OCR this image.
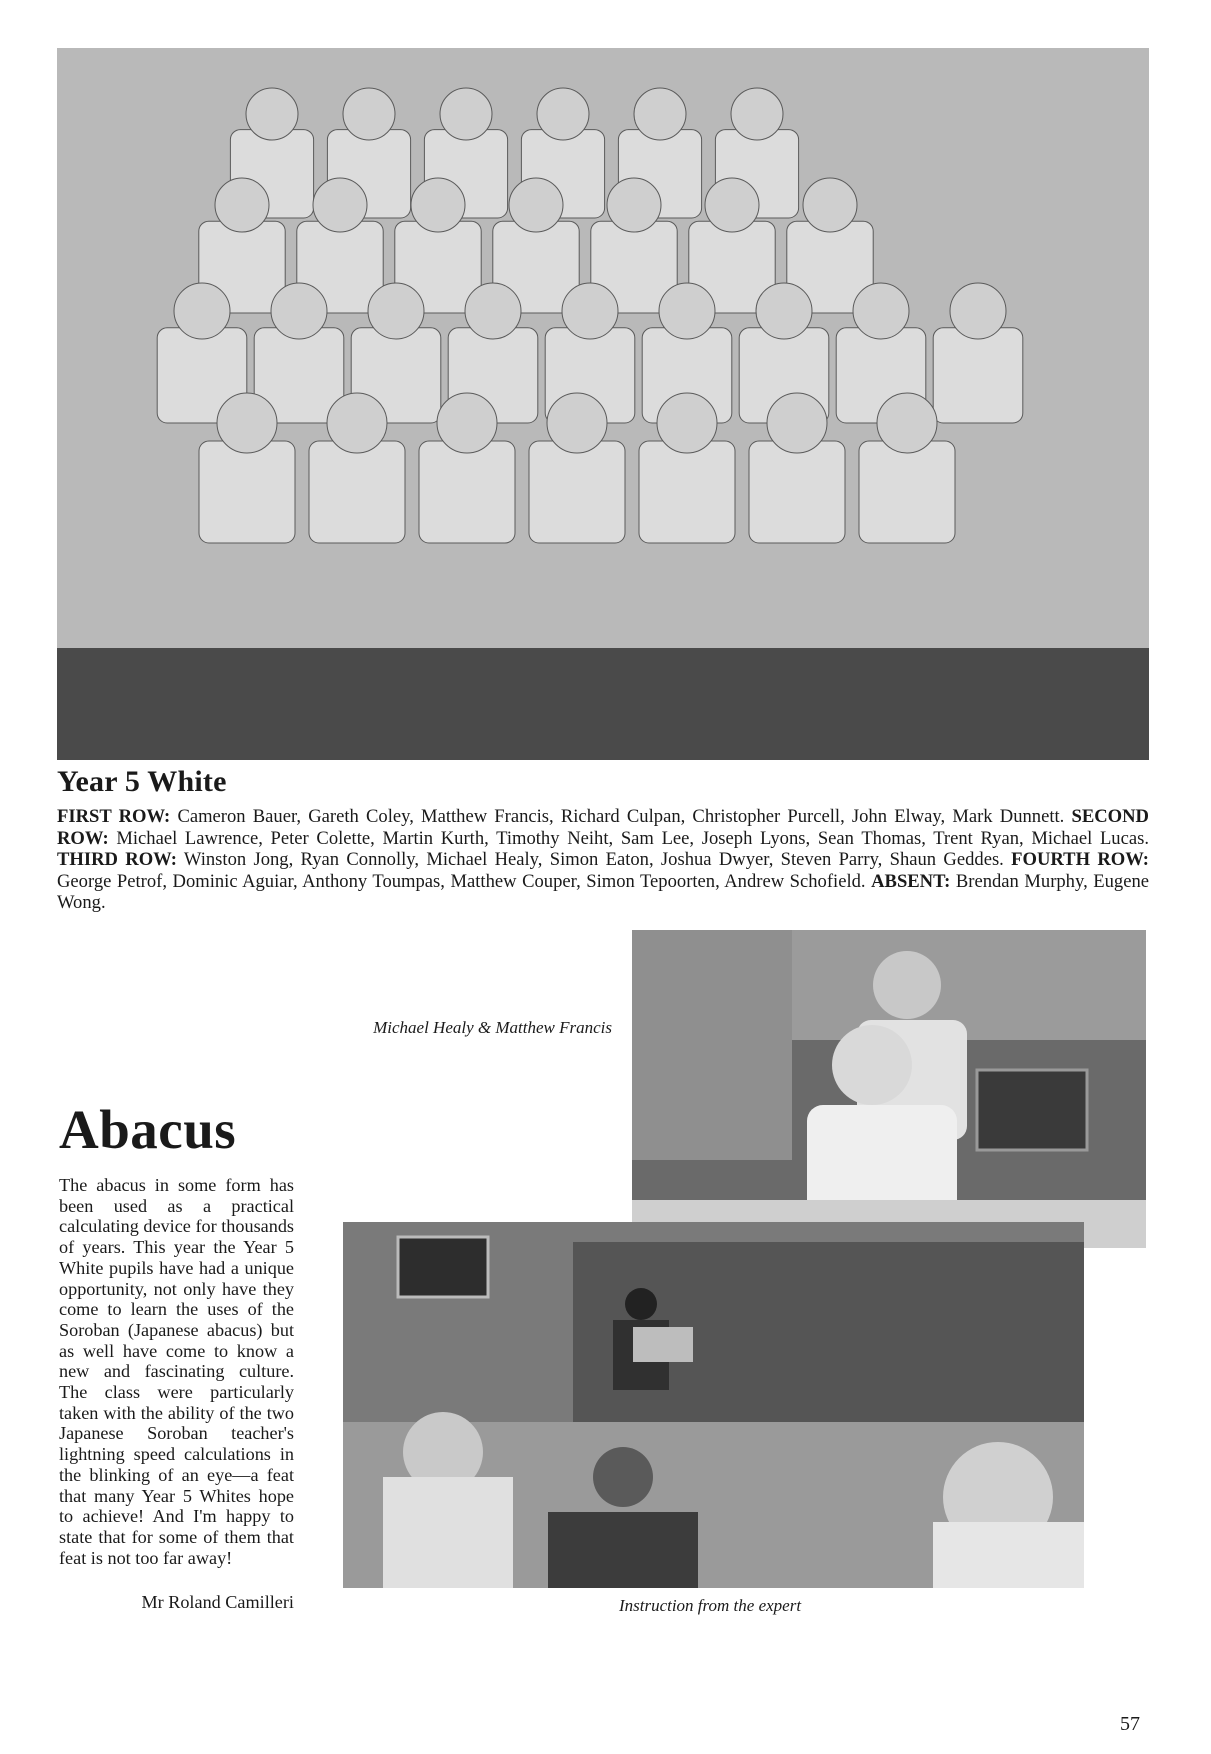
Year 5 White
FIRST ROW: Cameron Bauer, Gareth Coley, Matthew Francis, Richard Culpan, Christopher Purcell, John Elway, Mark Dunnett. SECOND ROW: Michael Lawrence, Peter Colette, Martin Kurth, Timothy Neiht, Sam Lee, Joseph Lyons, Sean Thomas, Trent Ryan, Michael Lucas. THIRD ROW: Winston Jong, Ryan Connolly, Michael Healy, Simon Eaton, Joshua Dwyer, Steven Parry, Shaun Geddes. FOURTH ROW: George Petrof, Dominic Aguiar, Anthony Toumpas, Matthew Couper, Simon Tepoorten, Andrew Schofield. ABSENT: Brendan Murphy, Eugene Wong.
Michael Healy & Matthew Francis
Instruction from the expert
Abacus
The abacus in some form has been used as a practical calculating device for thousands of years. This year the Year 5 White pupils have had a unique opportunity, not only have they come to learn the uses of the Soroban (Japanese abacus) but as well have come to know a new and fascinating culture. The class were particularly taken with the ability of the two Japanese Soroban teacher's lightning speed calculations in the blinking of an eye—a feat that many Year 5 Whites hope to achieve! And I'm happy to state that for some of them that feat is not too far away!
Mr Roland Camilleri
57
